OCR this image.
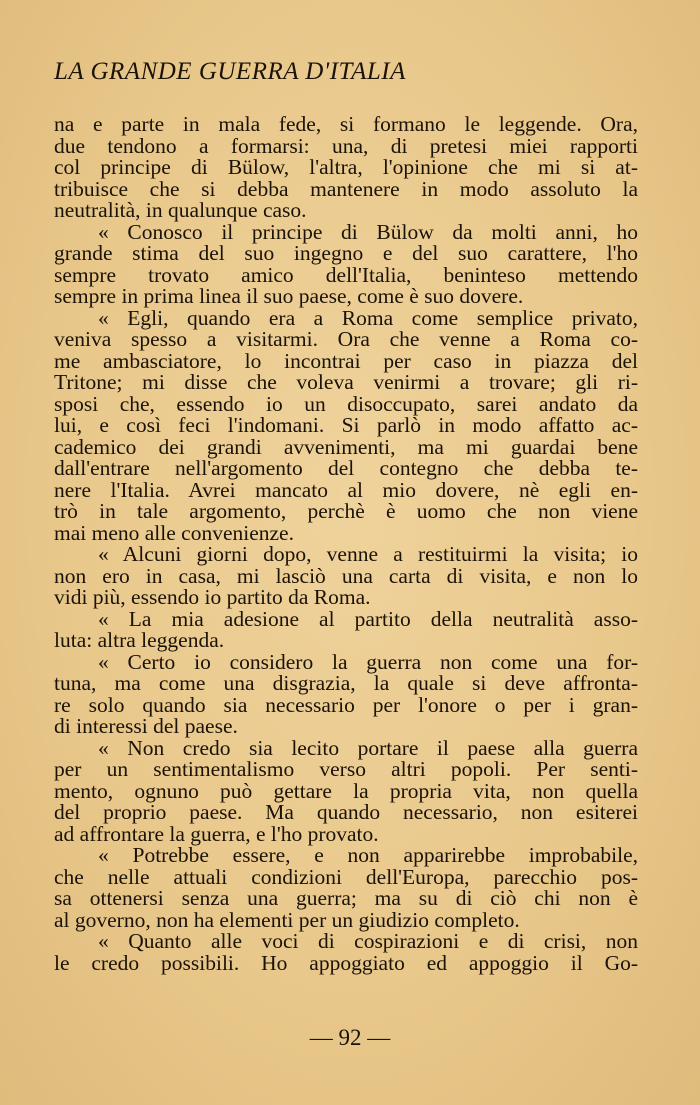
LA GRANDE GUERRA D'ITALIA
na e parte in mala fede, si formano le leggende. Ora,
due tendono a formarsi: una, di pretesi miei rapporti
col principe di Bülow, l'altra, l'opinione che mi si at-
tribuisce che si debba mantenere in modo assoluto la
neutralità, in qualunque caso.
« Conosco il principe di Bülow da molti anni, ho
grande stima del suo ingegno e del suo carattere, l'ho
sempre trovato amico dell'Italia, beninteso mettendo
sempre in prima linea il suo paese, come è suo dovere.
« Egli, quando era a Roma come semplice privato,
veniva spesso a visitarmi. Ora che venne a Roma co-
me ambasciatore, lo incontrai per caso in piazza del
Tritone; mi disse che voleva venirmi a trovare; gli ri-
sposi che, essendo io un disoccupato, sarei andato da
lui, e così feci l'indomani. Si parlò in modo affatto ac-
cademico dei grandi avvenimenti, ma mi guardai bene
dall'entrare nell'argomento del contegno che debba te-
nere l'Italia. Avrei mancato al mio dovere, nè egli en-
trò in tale argomento, perchè è uomo che non viene
mai meno alle convenienze.
« Alcuni giorni dopo, venne a restituirmi la visita; io
non ero in casa, mi lasciò una carta di visita, e non lo
vidi più, essendo io partito da Roma.
« La mia adesione al partito della neutralità asso-
luta: altra leggenda.
« Certo io considero la guerra non come una for-
tuna, ma come una disgrazia, la quale si deve affronta-
re solo quando sia necessario per l'onore o per i gran-
di interessi del paese.
« Non credo sia lecito portare il paese alla guerra
per un sentimentalismo verso altri popoli. Per senti-
mento, ognuno può gettare la propria vita, non quella
del proprio paese. Ma quando necessario, non esiterei
ad affrontare la guerra, e l'ho provato.
« Potrebbe essere, e non apparirebbe improbabile,
che nelle attuali condizioni dell'Europa, parecchio pos-
sa ottenersi senza una guerra; ma su di ciò chi non è
al governo, non ha elementi per un giudizio completo.
« Quanto alle voci di cospirazioni e di crisi, non
le credo possibili. Ho appoggiato ed appoggio il Go-
— 92 —
